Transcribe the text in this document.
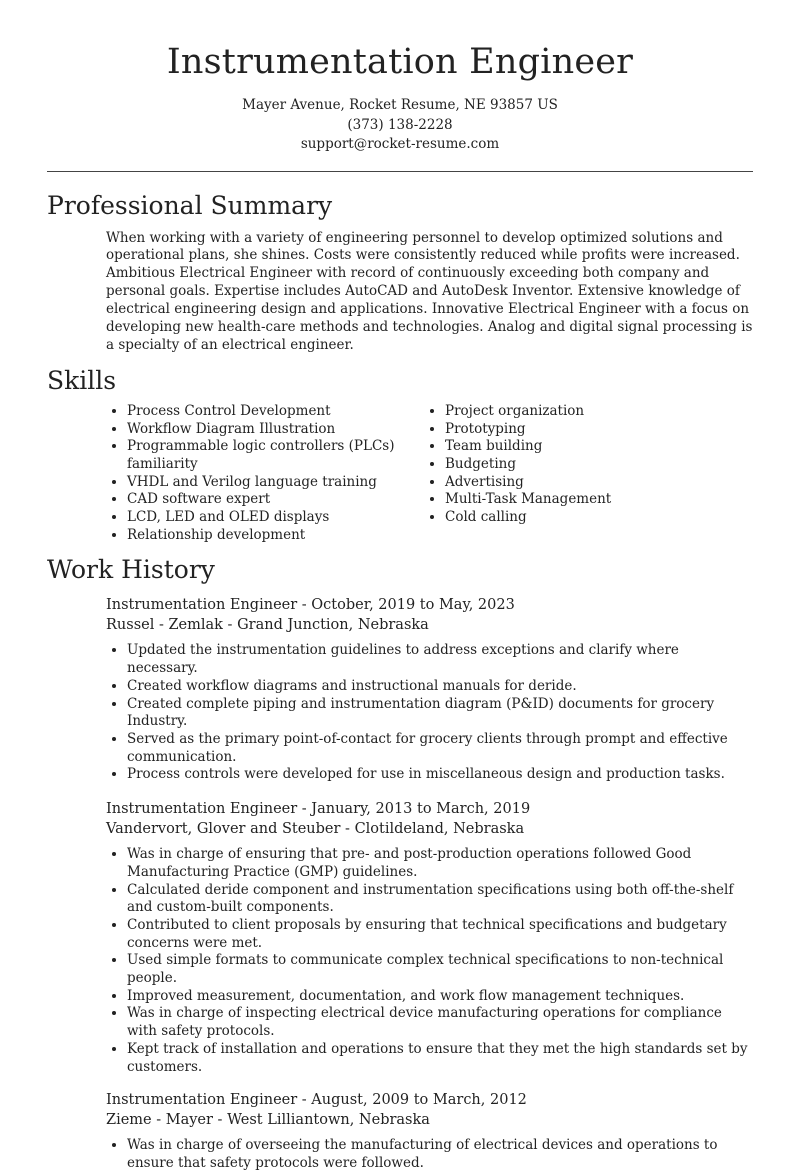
Instrumentation Engineer
Mayer Avenue, Rocket Resume, NE 93857 US
(373) 138-2228
support@rocket-resume.com
Professional Summary

When working with a variety of engineering personnel to develop optimized solutions and operational plans, she shines. Costs were consistently reduced while profits were increased. Ambitious Electrical Engineer with record of continuously exceeding both company and personal goals. Expertise includes AutoCAD and AutoDesk Inventor. Extensive knowledge of electrical engineering design and applications. Innovative Electrical Engineer with a focus on developing new health-care methods and technologies. Analog and digital signal processing is a specialty of an electrical engineer.

Skills
• Process Control Development
• Workflow Diagram Illustration
• Programmable logic controllers (PLCs) familiarity
• VHDL and Verilog language training
• CAD software expert
• LCD, LED and OLED displays
• Relationship development
• Project organization
• Prototyping
• Team building
• Budgeting
• Advertising
• Multi-Task Management
• Cold calling
Work History
Instrumentation Engineer - October, 2019 to May, 2023
Russel - Zemlak - Grand Junction, Nebraska
• Updated the instrumentation guidelines to address exceptions and clarify where necessary.
• Created workflow diagrams and instructional manuals for deride.
• Created complete piping and instrumentation diagram (P&ID) documents for grocery Industry.
• Served as the primary point-of-contact for grocery clients through prompt and effective communication.
• Process controls were developed for use in miscellaneous design and production tasks.
Instrumentation Engineer - January, 2013 to March, 2019
Vandervort, Glover and Steuber - Clotildeland, Nebraska
• Was in charge of ensuring that pre- and post-production operations followed Good Manufacturing Practice (GMP) guidelines.
• Calculated deride component and instrumentation specifications using both off-the-shelf and custom-built components.
• Contributed to client proposals by ensuring that technical specifications and budgetary concerns were met.
• Used simple formats to communicate complex technical specifications to non-technical people.
• Improved measurement, documentation, and work flow management techniques.
• Was in charge of inspecting electrical device manufacturing operations for compliance with safety protocols.
• Kept track of installation and operations to ensure that they met the high standards set by customers.
Instrumentation Engineer - August, 2009 to March, 2012
Zieme - Mayer - West Lilliantown, Nebraska
• Was in charge of overseeing the manufacturing of electrical devices and operations to ensure that safety protocols were followed.
